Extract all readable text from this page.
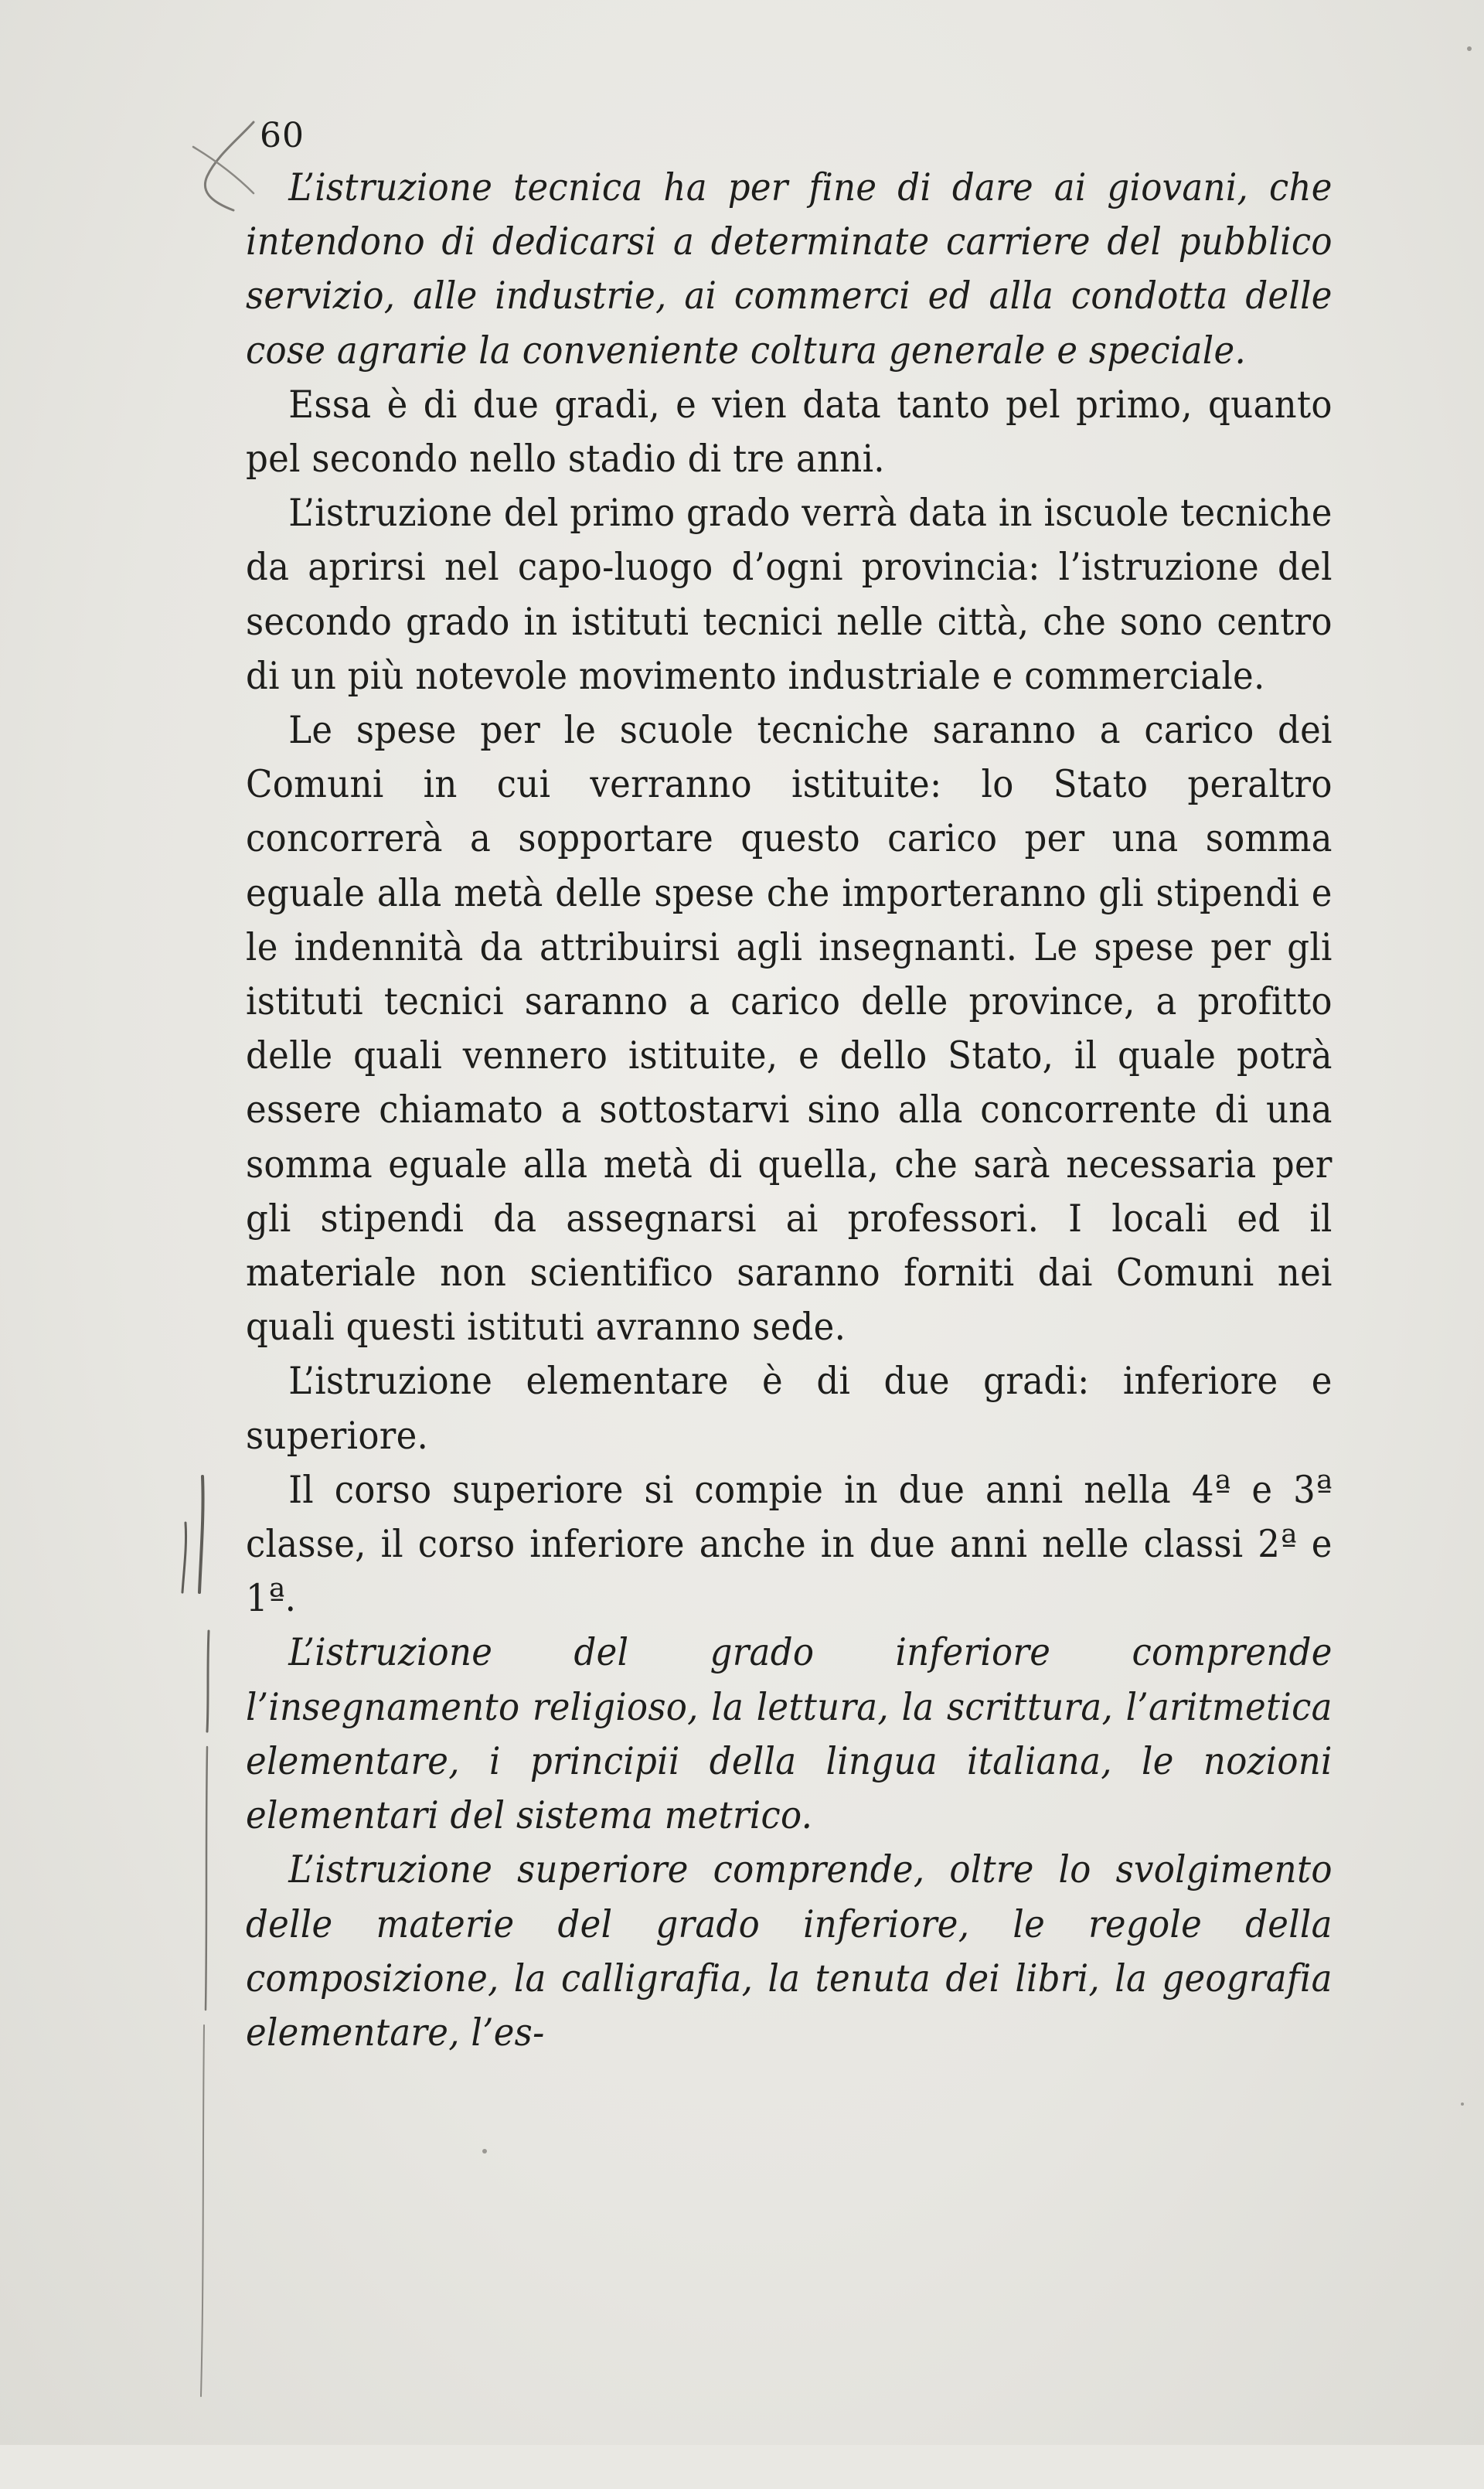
60

L’istruzione tecnica ha per fine di dare ai giovani, che intendono di dedicarsi a determinate carriere del pubblico servizio, alle industrie, ai commerci ed alla condotta delle cose agrarie la conveniente coltura generale e speciale.

Essa è di due gradi, e vien data tanto pel primo, quanto pel secondo nello stadio di tre anni.

L’istruzione del primo grado verrà data in iscuole tecniche da aprirsi nel capo-luogo d’ogni provincia: l’istruzione del secondo grado in istituti tecnici nelle città, che sono centro di un più notevole movimento industriale e commerciale.

Le spese per le scuole tecniche saranno a carico dei Comuni in cui verranno istituite: lo Stato peraltro concorrerà a sopportare questo carico per una somma eguale alla metà delle spese che importeranno gli stipendi e le indennità da attribuirsi agli insegnanti. Le spese per gli istituti tecnici saranno a carico delle province, a profitto delle quali vennero istituite, e dello Stato, il quale potrà essere chiamato a sottostarvi sino alla concorrente di una somma eguale alla metà di quella, che sarà necessaria per gli stipendi da assegnarsi ai professori. I locali ed il materiale non scientifico saranno forniti dai Comuni nei quali questi istituti avranno sede.

L’istruzione elementare è di due gradi: inferiore e superiore.

Il corso superiore si compie in due anni nella 4ª e 3ª classe, il corso inferiore anche in due anni nelle classi 2ª e 1ª.

L’istruzione del grado inferiore comprende l’insegnamento religioso, la lettura, la scrittura, l’aritmetica elementare, i principii della lingua italiana, le nozioni elementari del sistema metrico.

L’istruzione superiore comprende, oltre lo svolgimento delle materie del grado inferiore, le regole della composizione, la calligrafia, la tenuta dei libri, la geografia elementare, l’es-
